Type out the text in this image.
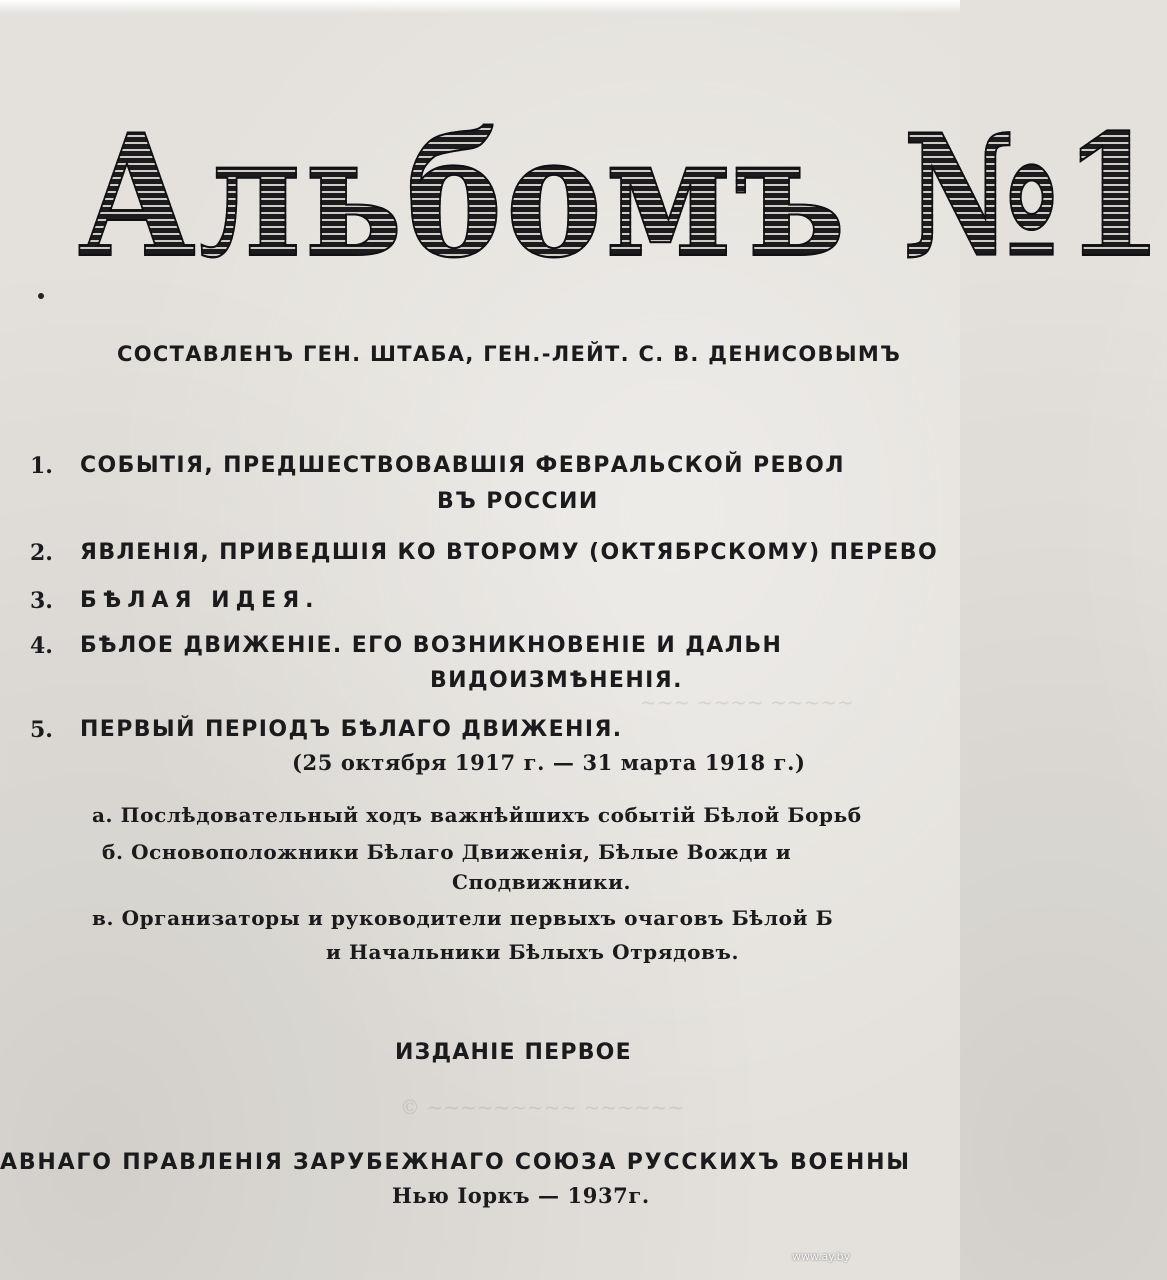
~~~ ~~~~ ~~~~~
© ~~~~~~~~~ ~~~~~~
Альбомъ №1
СОСТАВЛЕНЪ ГЕН. ШТАБА, ГЕН.-ЛЕЙТ. С. В. ДЕНИСОВЫМЪ
1. СОБЫТІЯ, ПРЕДШЕСТВОВАВШІЯ ФЕВРАЛЬСКОЙ РЕВОЛ
ВЪ РОССИИ
2. ЯВЛЕНІЯ, ПРИВЕДШІЯ КО ВТОРОМУ (ОКТЯБРСКОМУ) ПЕРЕВО
3. БѢЛАЯ ИДЕЯ.
4. БѢЛОЕ ДВИЖЕНІЕ. ЕГО ВОЗНИКНОВЕНІЕ И ДАЛЬН
ВИДОИЗМѢНЕНІЯ.
5. ПЕРВЫЙ ПЕРІОДЪ БѢЛАГО ДВИЖЕНІЯ.
(25 октября 1917 г. — 31 марта 1918 г.)
а. Послѣдовательный ходъ важнѣйшихъ событій Бѣлой Борьб
б. Основоположники Бѣлаго Движенія, Бѣлые Вожди и
Сподвижники.
в. Организаторы и руководители первыхъ очаговъ Бѣлой Б
и Начальники Бѣлыхъ Отрядовъ.
ИЗДАНІЕ ПЕРВОЕ
АВНАГО ПРАВЛЕНІЯ ЗАРУБЕЖНАГО СОЮЗА РУССКИХЪ ВОЕННЫ
Нью Іоркъ — 1937г.
www.ay.by
